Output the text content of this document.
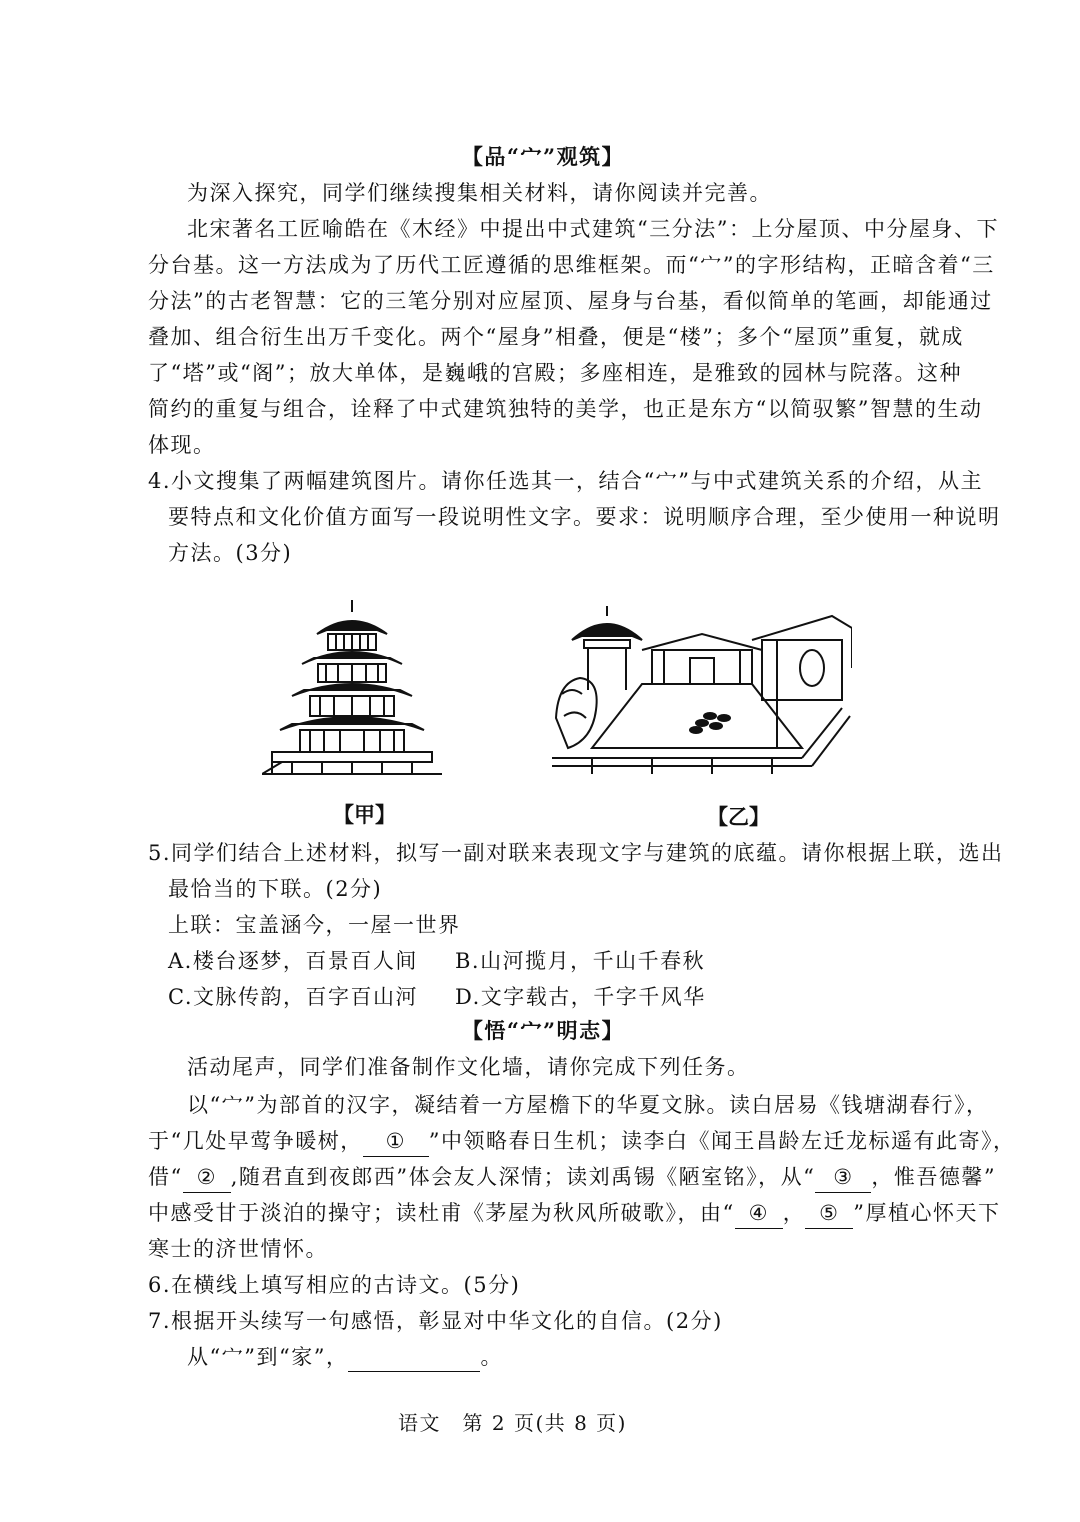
【品“宀”观筑】
为深入探究，同学们继续搜集相关材料，请你阅读并完善。
北宋著名工匠喻皓在《木经》中提出中式建筑“三分法”：上分屋顶、中分屋身、下
分台基。这一方法成为了历代工匠遵循的思维框架。而“宀”的字形结构，正暗含着“三
分法”的古老智慧：它的三笔分别对应屋顶、屋身与台基，看似简单的笔画，却能通过
叠加、组合衍生出万千变化。两个“屋身”相叠，便是“楼”；多个“屋顶”重复，就成
了“塔”或“阁”；放大单体，是巍峨的宫殿；多座相连，是雅致的园林与院落。这种
简约的重复与组合，诠释了中式建筑独特的美学，也正是东方“以简驭繁”智慧的生动
体现。
4.小文搜集了两幅建筑图片。请你任选其一，结合“宀”与中式建筑关系的介绍，从主
要特点和文化价值方面写一段说明性文字。要求：说明顺序合理，至少使用一种说明
方法。(3分)
【甲】	【乙】
5.同学们结合上述材料，拟写一副对联来表现文字与建筑的底蕴。请你根据上联，选出
最恰当的下联。(2分)
上联：宝盖涵今，一屋一世界
A.楼台逐梦，百景百人间	B.山河揽月，千山千春秋
C.文脉传韵，百字百山河	D.文字载古，千字千风华
【悟“宀”明志】
活动尾声，同学们准备制作文化墙，请你完成下列任务。
以“宀”为部首的汉字，凝结着一方屋檐下的华夏文脉。读白居易《钱塘湖春行》，
于“几处早莺争暖树， ① ”中领略春日生机；读李白《闻王昌龄左迁龙标遥有此寄》，
借“ ② ,随君直到夜郎西”体会友人深情；读刘禹锡《陋室铭》，从“ ③ ，惟吾德馨”
中感受甘于淡泊的操守；读杜甫《茅屋为秋风所破歌》，由“ ④ ， ⑤ ”厚植心怀天下
寒士的济世情怀。
6.在横线上填写相应的古诗文。(5分)
7.根据开头续写一句感悟，彰显对中华文化的自信。(2分)
从“宀”到“家”，	。
语文　第 2 页(共 8 页)
